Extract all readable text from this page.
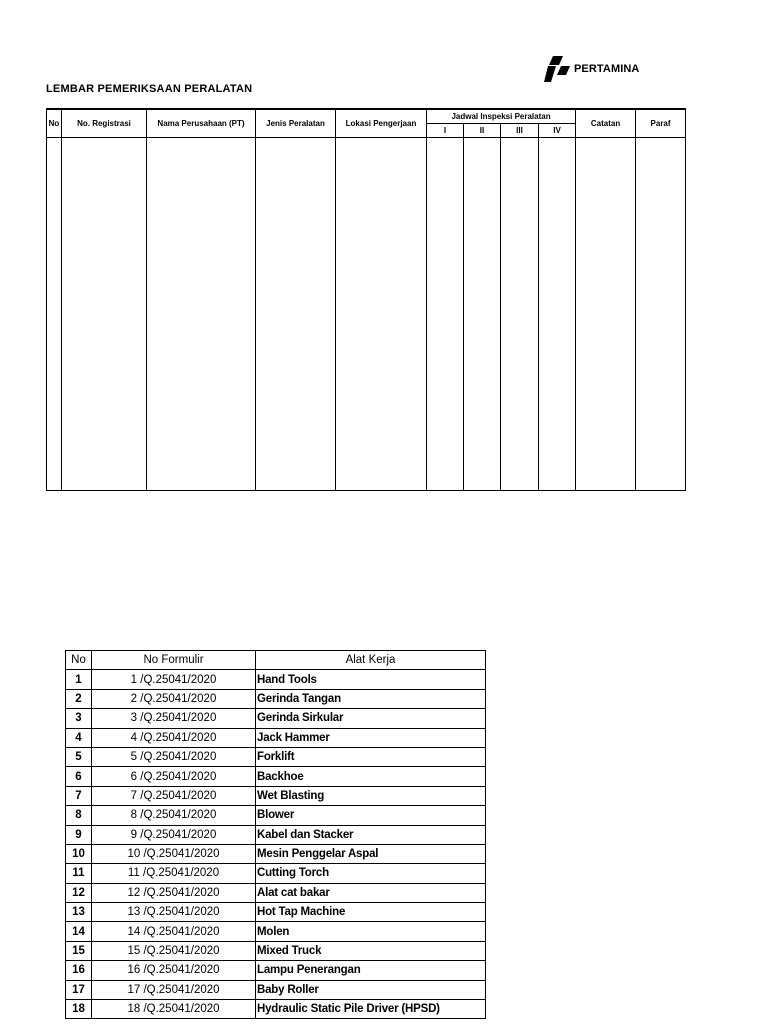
PERTAMINA
LEMBAR PEMERIKSAAN PERALATAN
No	No. Registrasi	Nama Perusahaan (PT)	Jenis Peralatan	Lokasi Pengerjaan	Jadwal Inspeksi Peralatan				Catatan	Paraf
					I	II	III	IV		

No	No Formulir	Alat Kerja
1	1 /Q.25041/2020	Hand Tools
2	2 /Q.25041/2020	Gerinda Tangan
3	3 /Q.25041/2020	Gerinda Sirkular
4	4 /Q.25041/2020	Jack Hammer
5	5 /Q.25041/2020	Forklift
6	6 /Q.25041/2020	Backhoe
7	7 /Q.25041/2020	Wet Blasting
8	8 /Q.25041/2020	Blower
9	9 /Q.25041/2020	Kabel dan Stacker
10	10 /Q.25041/2020	Mesin Penggelar Aspal
11	11 /Q.25041/2020	Cutting Torch
12	12 /Q.25041/2020	Alat cat bakar
13	13 /Q.25041/2020	Hot Tap Machine
14	14 /Q.25041/2020	Molen
15	15 /Q.25041/2020	Mixed Truck
16	16 /Q.25041/2020	Lampu Penerangan
17	17 /Q.25041/2020	Baby Roller
18	18 /Q.25041/2020	Hydraulic Static Pile Driver (HPSD)
